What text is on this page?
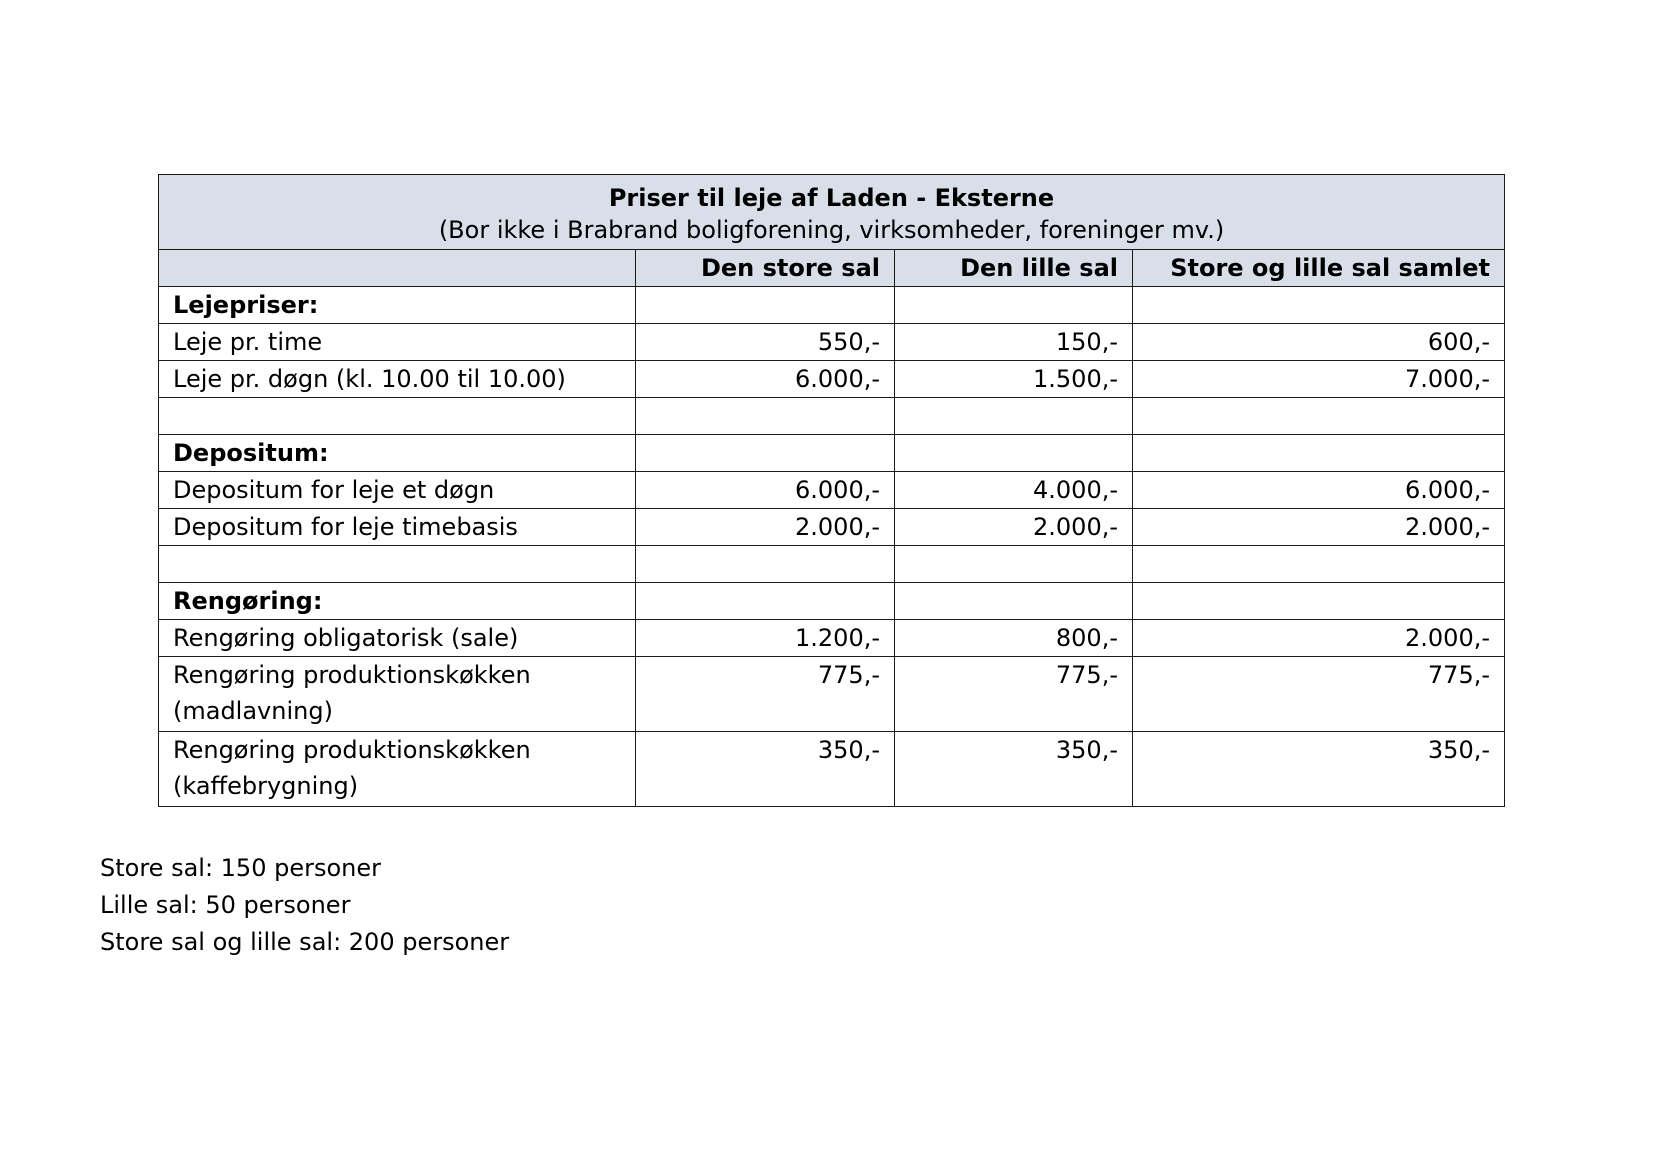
Priser til leje af Laden - Eksterne
(Bor ikke i Brabrand boligforening, virksomheder, foreninger mv.)			

	Den store sal	Den lille sal	Store og lille sal samlet
Lejepriser:			
Leje pr. time	550,-	150,-	600,-
Leje pr. døgn (kl. 10.00 til 10.00)	6.000,-	1.500,-	7.000,-

Depositum:			
Depositum for leje et døgn	6.000,-	4.000,-	6.000,-
Depositum for leje timebasis	2.000,-	2.000,-	2.000,-

Rengøring:			
Rengøring obligatorisk (sale)	1.200,-	800,-	2.000,-
Rengøring produktionskøkken (madlavning)	775,-	775,-	775,-
Rengøring produktionskøkken (kaffebrygning)	350,-	350,-	350,-
Store sal: 150 personer
Lille sal: 50 personer
Store sal og lille sal: 200 personer
